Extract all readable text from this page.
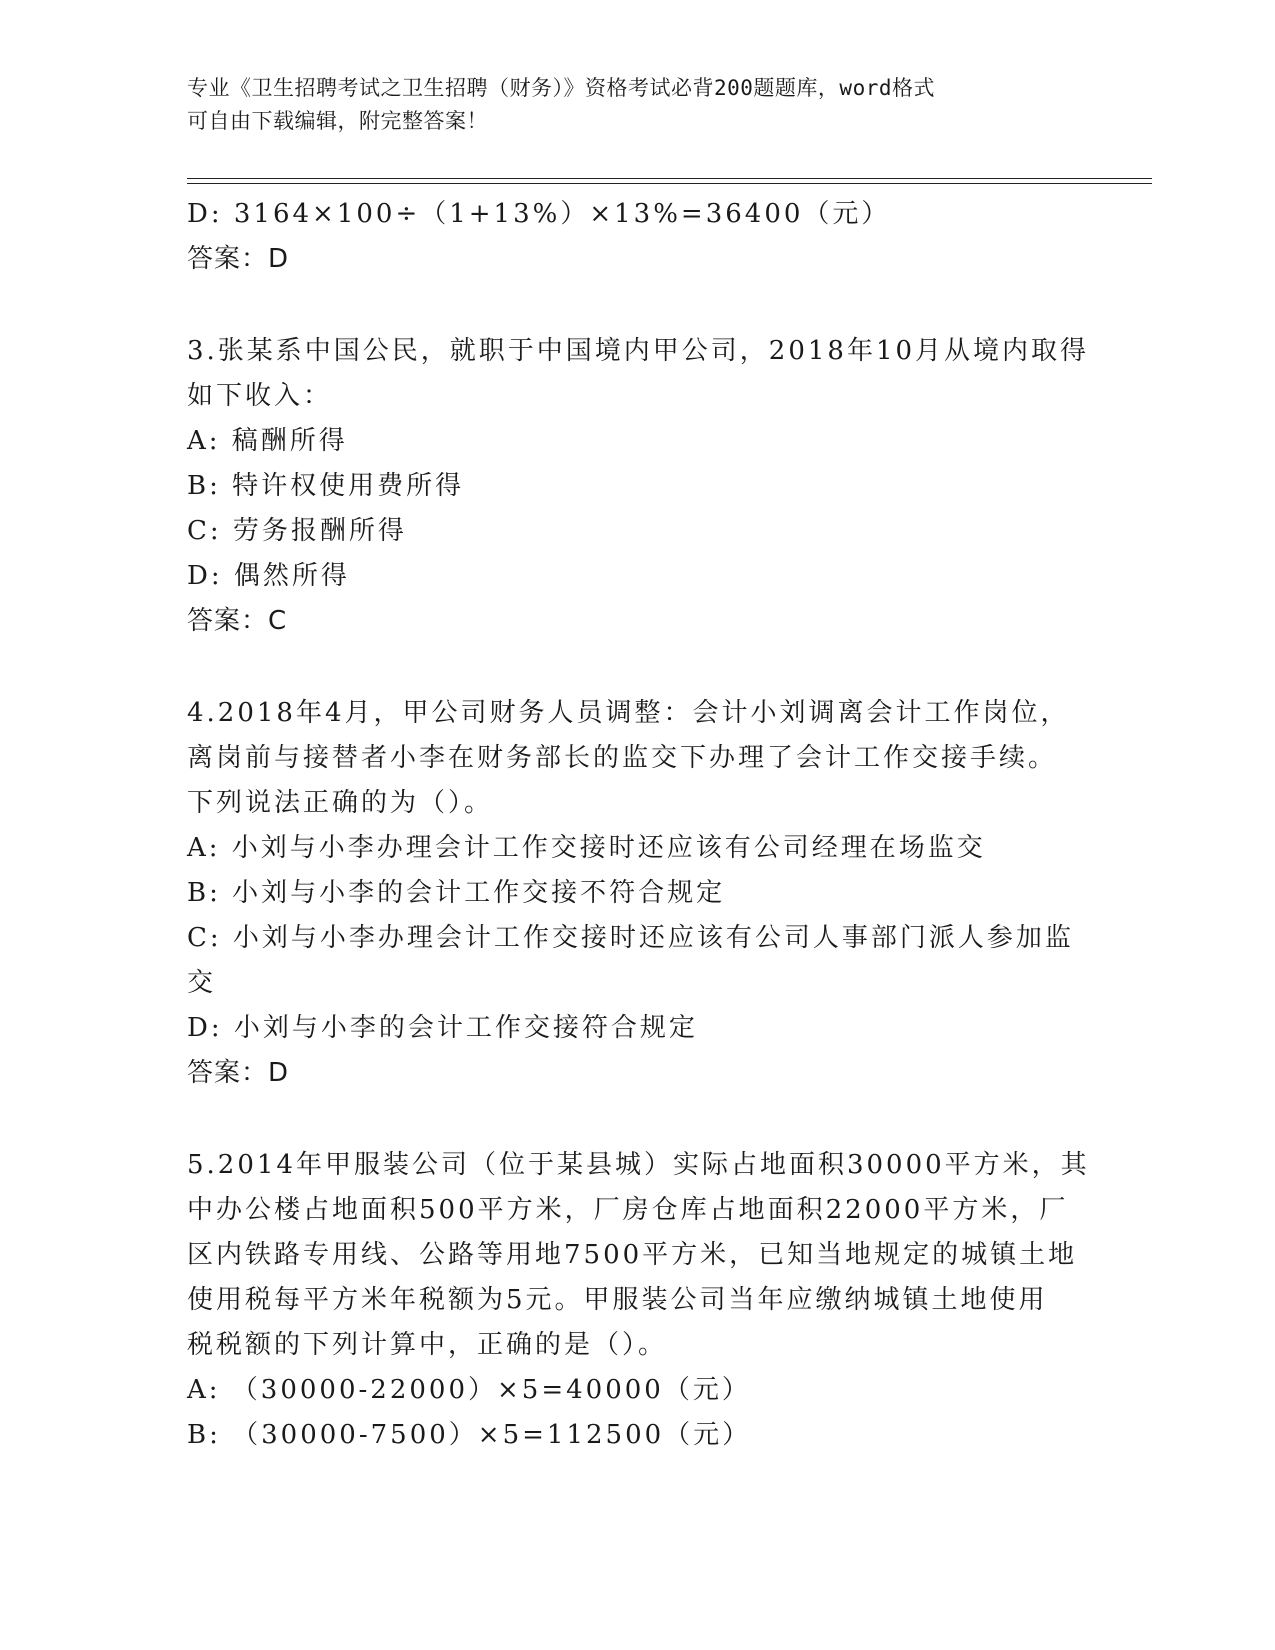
专业《卫生招聘考试之卫生招聘（财务）》资格考试必背200题题库，word格式
可自由下载编辑，附完整答案！
D: 3164×100÷（1+13%）×13%=36400（元）
答案：D
3.张某系中国公民，就职于中国境内甲公司，2018年10月从境内取得
如下收入：
A: 稿酬所得
B: 特许权使用费所得
C: 劳务报酬所得
D: 偶然所得
答案：C
4.2018年4月，甲公司财务人员调整：会计小刘调离会计工作岗位，
离岗前与接替者小李在财务部长的监交下办理了会计工作交接手续。
下列说法正确的为（）。
A: 小刘与小李办理会计工作交接时还应该有公司经理在场监交
B: 小刘与小李的会计工作交接不符合规定
C: 小刘与小李办理会计工作交接时还应该有公司人事部门派人参加监
交
D: 小刘与小李的会计工作交接符合规定
答案：D
5.2014年甲服装公司（位于某县城）实际占地面积30000平方米，其
中办公楼占地面积500平方米，厂房仓库占地面积22000平方米，厂
区内铁路专用线、公路等用地7500平方米，已知当地规定的城镇土地
使用税每平方米年税额为5元。甲服装公司当年应缴纳城镇土地使用
税税额的下列计算中，正确的是（）。
A: （30000-22000）×5=40000（元）
B: （30000-7500）×5=112500（元）
